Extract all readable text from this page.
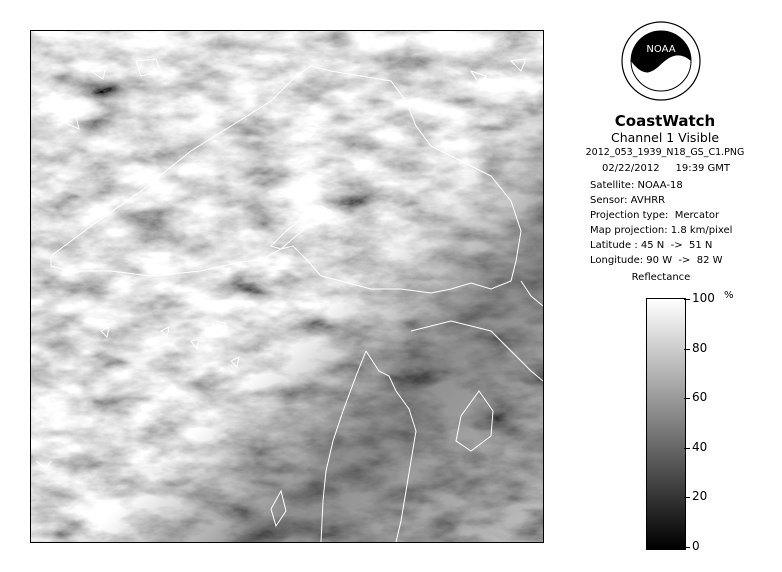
NOAA
CoastWatch
Channel 1 Visible
2012_053_1939_N18_GS_C1.PNG
02/22/2012     19:39 GMT
Satellite: NOAA-18
Sensor: AVHRR
Projection type:  Mercator
Map projection: 1.8 km/pixel
Latitude : 45 N  ->  51 N
Longitude: 90 W  ->  82 W
Reflectance
%
100
80
60
40
20
0
